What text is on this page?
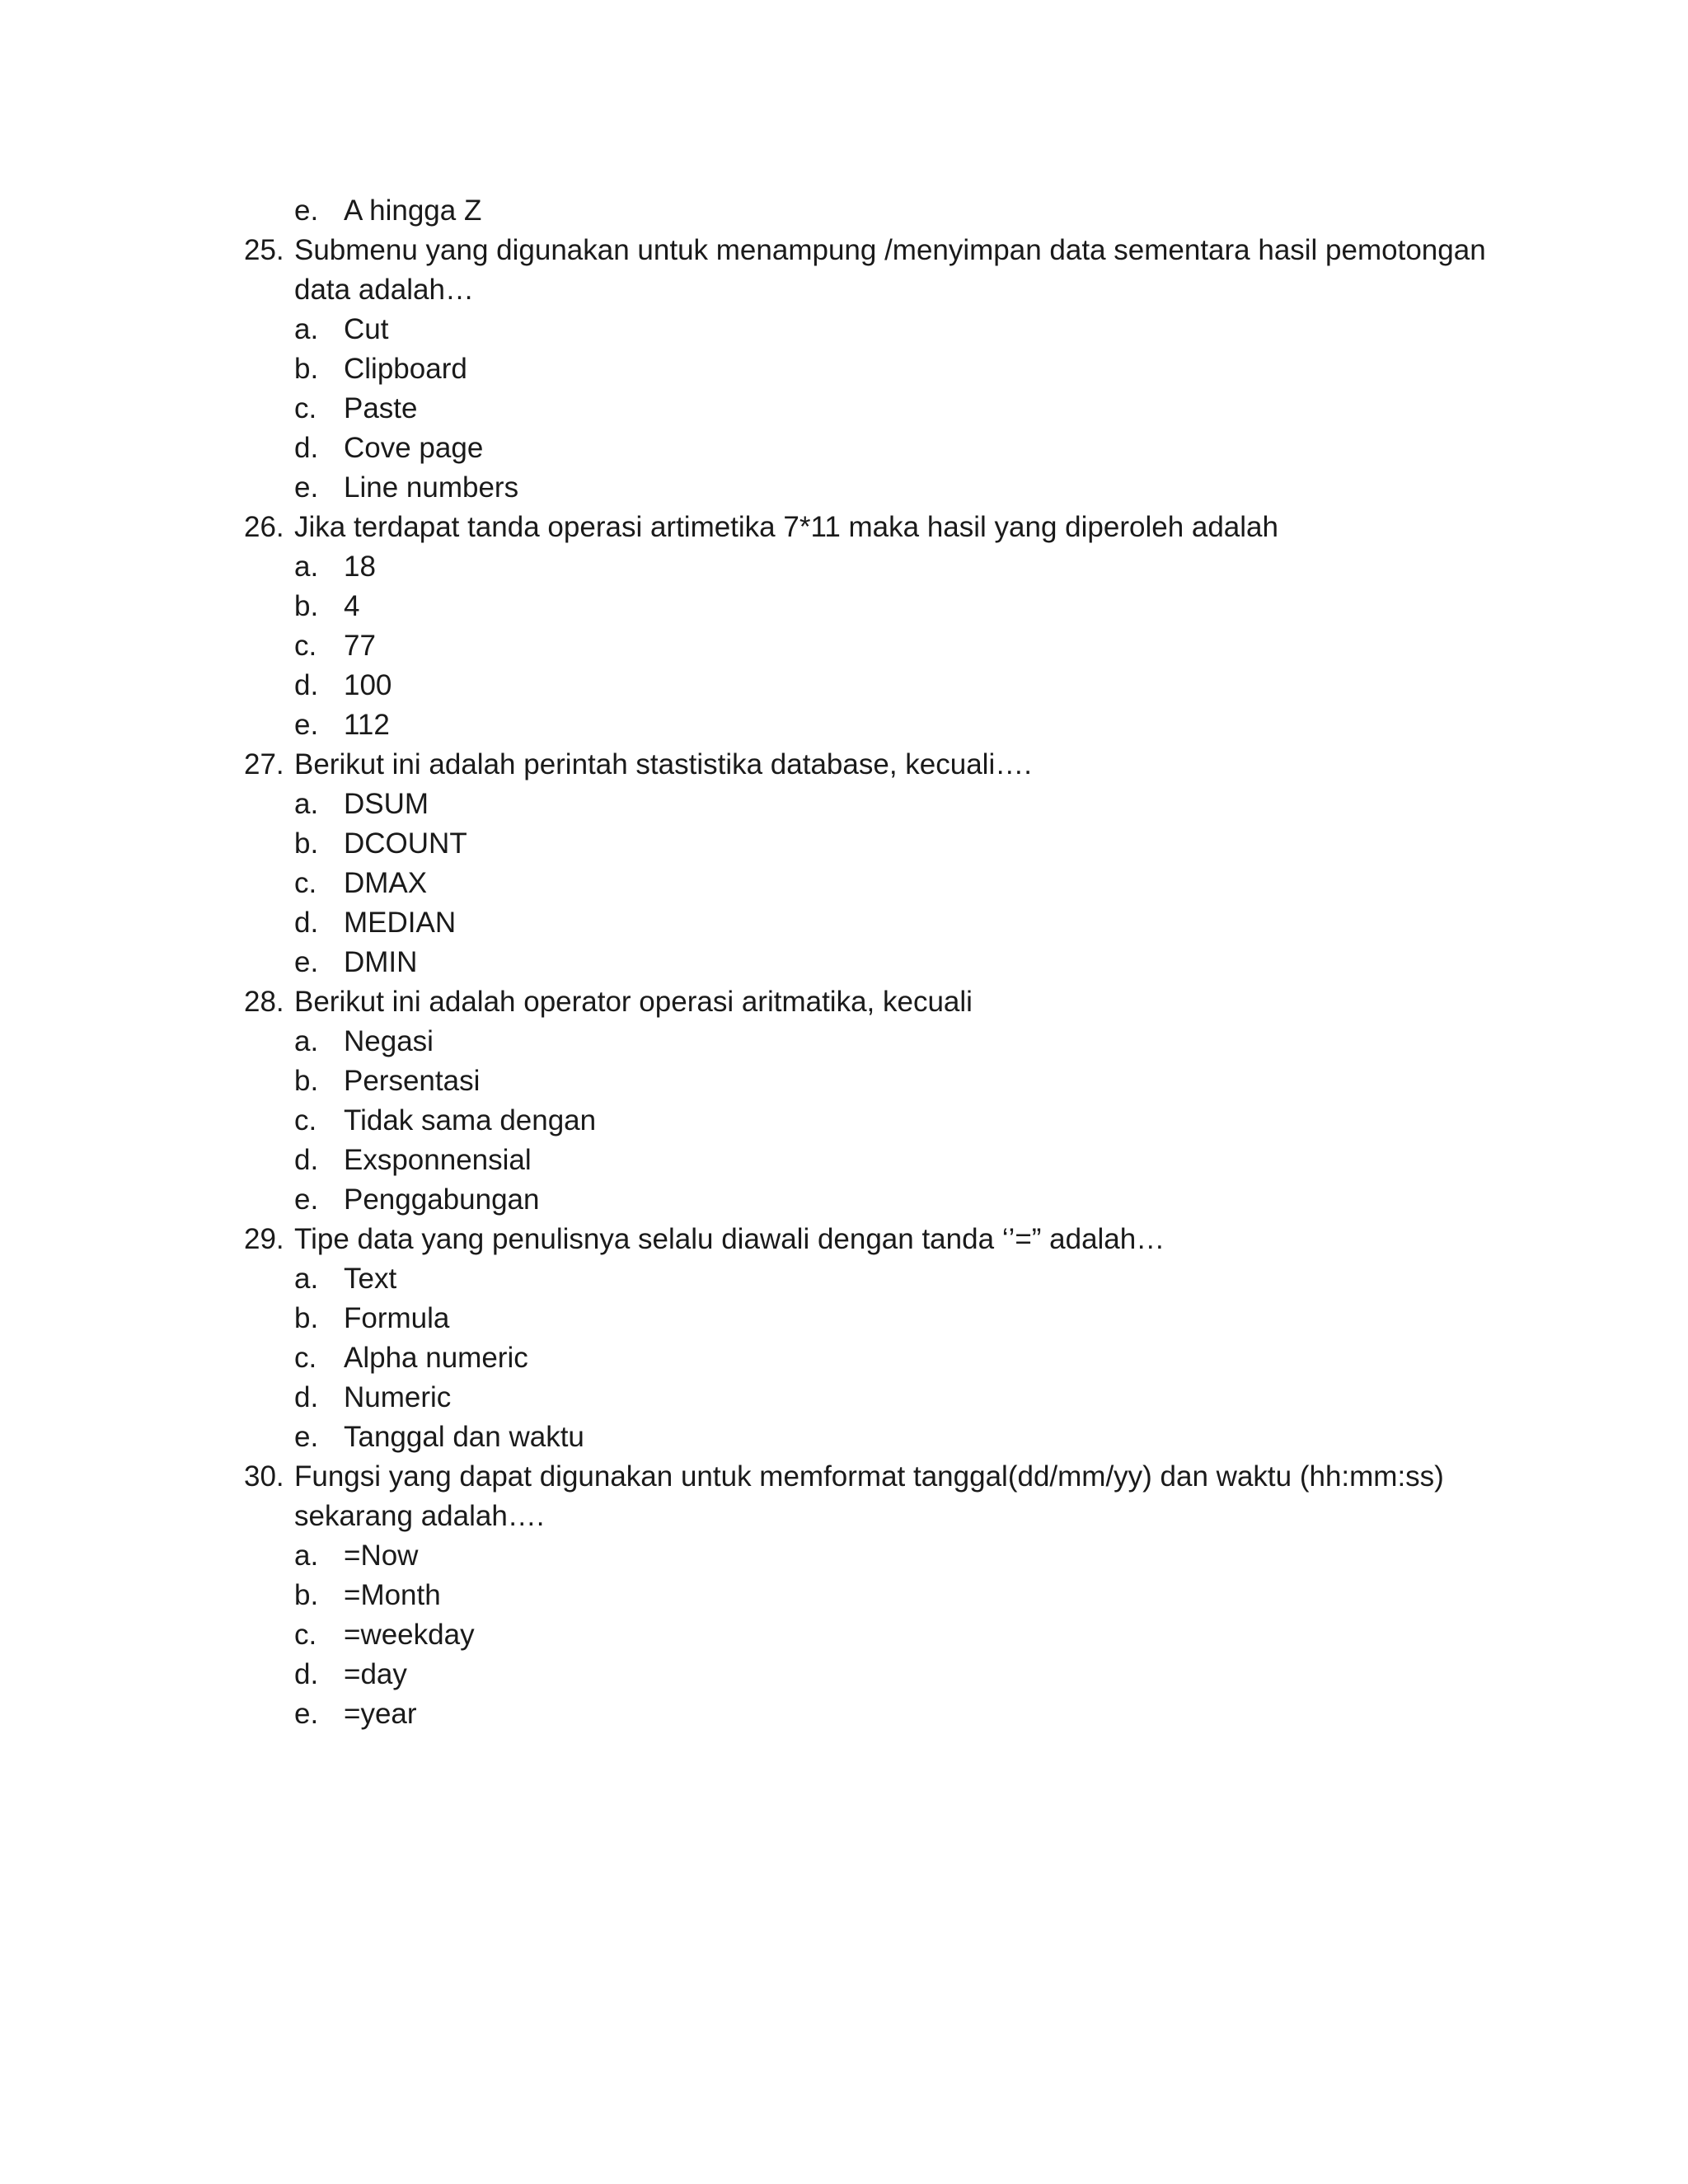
e. A hingga Z
25. Submenu yang digunakan untuk menampung /menyimpan data sementara hasil pemotongan
data adalah…
a. Cut
b. Clipboard
c. Paste
d. Cove page
e. Line numbers
26. Jika terdapat tanda operasi artimetika 7*11 maka hasil yang diperoleh adalah
a. 18
b. 4
c. 77
d. 100
e. 112
27. Berikut ini adalah perintah stastistika database, kecuali….
a. DSUM
b. DCOUNT
c. DMAX
d. MEDIAN
e. DMIN
28. Berikut ini adalah operator operasi aritmatika, kecuali
a. Negasi
b. Persentasi
c. Tidak sama dengan
d. Exsponnensial
e. Penggabungan
29. Tipe data yang penulisnya selalu diawali dengan tanda ‘’=” adalah…
a. Text
b. Formula
c. Alpha numeric
d. Numeric
e. Tanggal dan waktu
30. Fungsi yang dapat digunakan untuk memformat tanggal(dd/mm/yy) dan waktu (hh:mm:ss)
sekarang adalah….
a. =Now
b. =Month
c. =weekday
d. =day
e. =year
